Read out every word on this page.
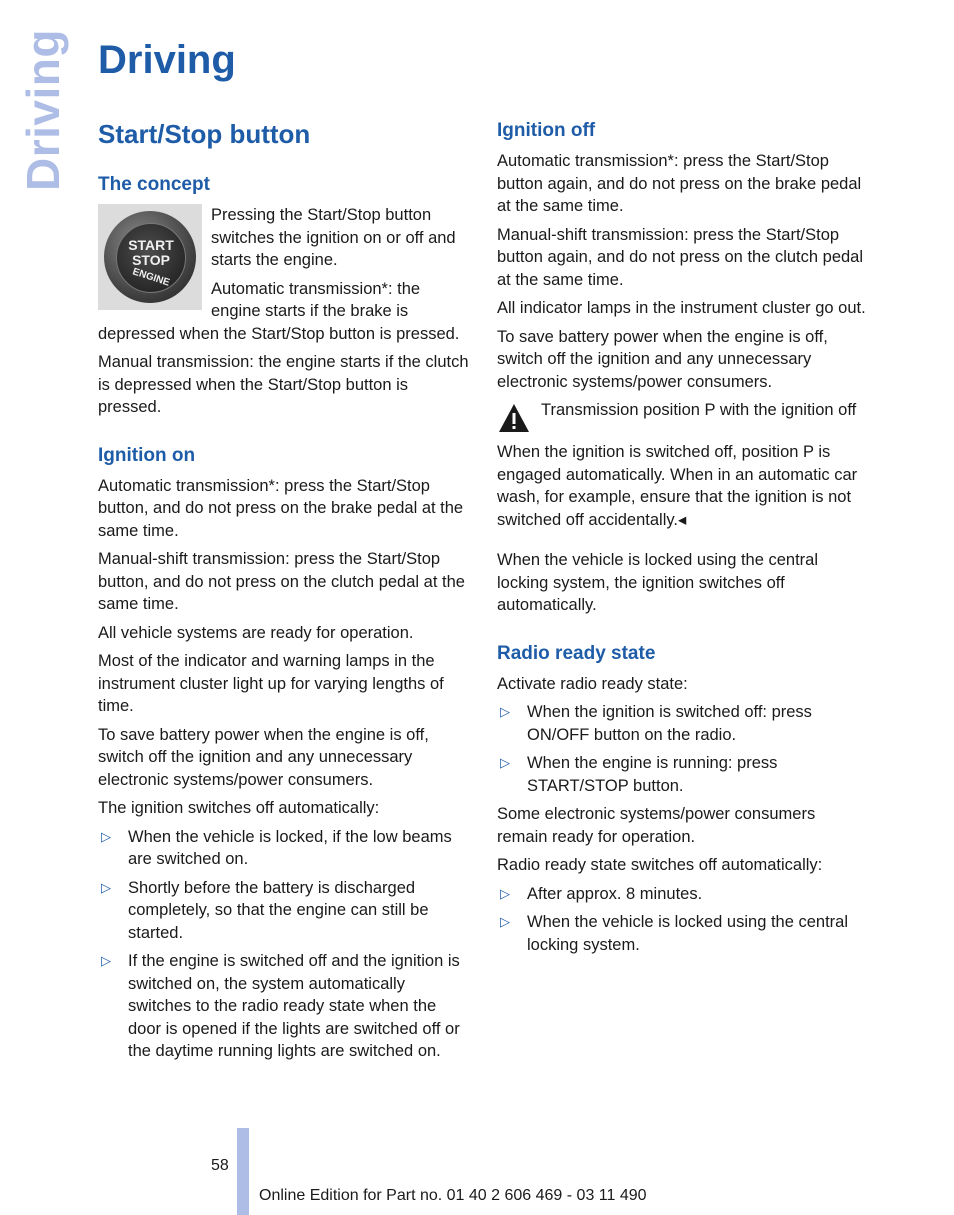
Driving Driving
Start/Stop button
The concept
START
STOP
ENGINE

Pressing the Start/Stop button switches the ignition on or off and starts the engine.

Automatic transmission*: the engine starts if the brake is depressed when the Start/Stop button is pressed.

Manual transmission: the engine starts if the clutch is depressed when the Start/Stop button is pressed.

Ignition on

Automatic transmission*: press the Start/Stop button, and do not press on the brake pedal at the same time.

Manual-shift transmission: press the Start/Stop button, and do not press on the clutch pedal at the same time.

All vehicle systems are ready for operation.

Most of the indicator and warning lamps in the instrument cluster light up for varying lengths of time.

To save battery power when the engine is off, switch off the ignition and any unnecessary electronic systems/power consumers.

The ignition switches off automatically:

▷ When the vehicle is locked, if the low beams are switched on.
▷ Shortly before the battery is discharged completely, so that the engine can still be started.
▷ If the engine is switched off and the ignition is switched on, the system automatically switches to the radio ready state when the door is opened if the lights are switched off or the daytime running lights are switched on.
Ignition off

Automatic transmission*: press the Start/Stop button again, and do not press on the brake pedal at the same time.

Manual-shift transmission: press the Start/Stop button again, and do not press on the clutch pedal at the same time.

All indicator lamps in the instrument cluster go out.

To save battery power when the engine is off, switch off the ignition and any unnecessary electronic systems/power consumers.

Transmission position P with the ignition off

When the ignition is switched off, position P is engaged automatically. When in an automatic car wash, for example, ensure that the ignition is not switched off accidentally.◂

When the vehicle is locked using the central locking system, the ignition switches off automatically.

Radio ready state

Activate radio ready state:

▷ When the ignition is switched off: press ON/OFF button on the radio.
▷ When the engine is running: press START/STOP button.

Some electronic systems/power consumers remain ready for operation.

Radio ready state switches off automatically:

▷ After approx. 8 minutes.
▷ When the vehicle is locked using the central locking system.
58
Online Edition for Part no. 01 40 2 606 469 - 03 11 490
